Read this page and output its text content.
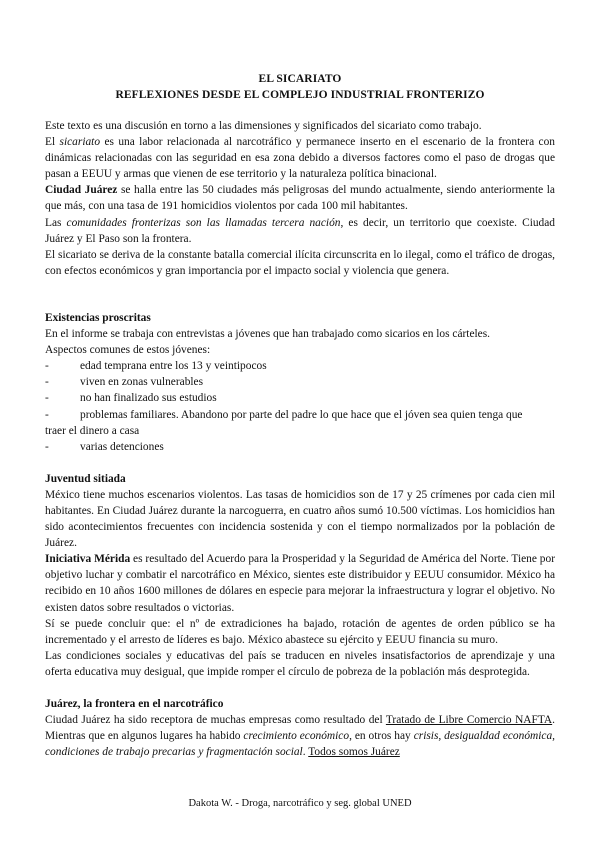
EL SICARIATO
REFLEXIONES DESDE EL COMPLEJO INDUSTRIAL FRONTERIZO

Este texto es una discusión en torno a las dimensiones y significados del sicariato como trabajo.

El sicariato es una labor relacionada al narcotráfico y permanece inserto en el escenario de la frontera con dinámicas relacionadas con las seguridad en esa zona debido a diversos factores como el paso de drogas que pasan a EEUU y armas que vienen de ese territorio y la naturaleza política binacional.

Ciudad Juárez se halla entre las 50 ciudades más peligrosas del mundo actualmente, siendo anteriormente la que más, con una tasa de 191 homicidios violentos por cada 100 mil habitantes.

Las comunidades fronterizas son las llamadas tercera nación, es decir, un territorio que coexiste. Ciudad Juárez y El Paso son la frontera.

El sicariato se deriva de la constante batalla comercial ilícita circunscrita en lo ilegal, como el tráfico de drogas, con efectos económicos y gran importancia por el impacto social y violencia que genera.

Existencias proscritas

En el informe se trabaja con entrevistas a jóvenes que han trabajado como sicarios en los cárteles.

Aspectos comunes de estos jóvenes:

-	edad temprana entre los 13 y veintipocos
-	viven en zonas vulnerables
-	no han finalizado sus estudios
-	problemas familiares. Abandono por parte del padre lo que hace que el jóven sea quien tenga que

traer el dinero a casa

-	varias detenciones
Juventud sitiada

México tiene muchos escenarios violentos. Las tasas de homicidios son de 17 y 25 crímenes por cada cien mil habitantes. En Ciudad Juárez durante la narcoguerra, en cuatro años sumó 10.500 víctimas. Los homicidios han sido acontecimientos frecuentes con incidencia sostenida y con el tiempo normalizados por la población de Juárez.

Iniciativa Mérida es resultado del Acuerdo para la Prosperidad y la Seguridad de América del Norte. Tiene por objetivo luchar y combatir el narcotráfico en México, sientes este distribuidor y EEUU consumidor. México ha recibido en 10 años 1600 millones de dólares en especie para mejorar la infraestructura y lograr el objetivo. No existen datos sobre resultados o victorias.

Sí se puede concluir que: el nº de extradiciones ha bajado, rotación de agentes de orden público se ha incrementado y el arresto de líderes es bajo. México abastece su ejército y EEUU financia su muro.

Las condiciones sociales y educativas del país se traducen en niveles insatisfactorios de aprendizaje y una oferta educativa muy desigual, que impide romper el círculo de pobreza de la población más desprotegida.

Juárez, la frontera en el narcotráfico

Ciudad Juárez ha sido receptora de muchas empresas como resultado del Tratado de Libre Comercio NAFTA. Mientras que en algunos lugares ha habido crecimiento económico, en otros hay crisis, desigualdad económica, condiciones de trabajo precarias y fragmentación social. Todos somos Juárez

Dakota W. - Droga, narcotráfico y seg. global UNED
